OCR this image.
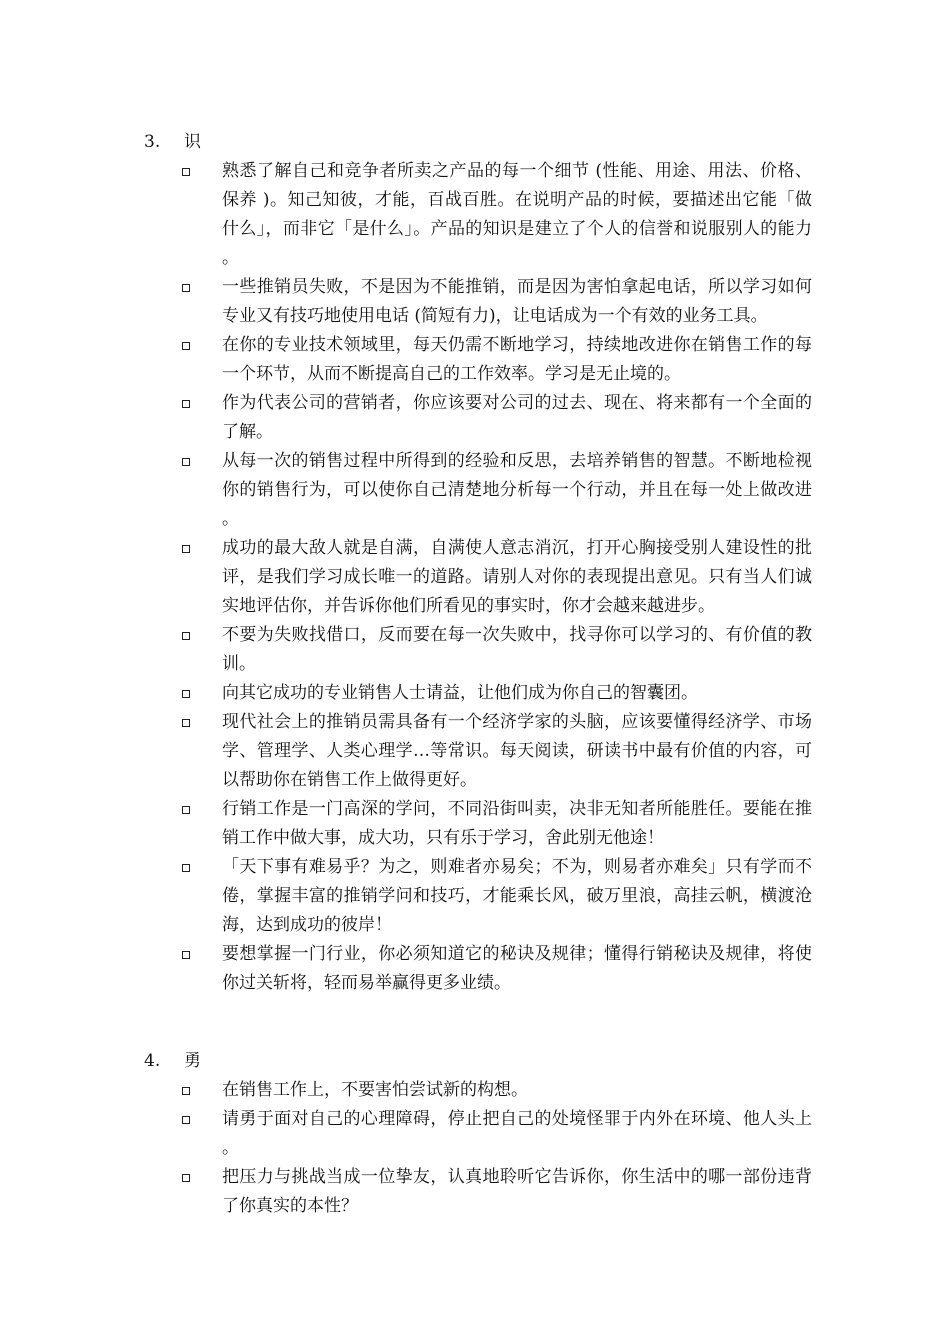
3. 识
熟悉了解自己和竞争者所卖之产品的每一个细节 (性能、用途、用法、价格、保养 )。知己知彼，才能，百战百胜。在说明产品的时候，要描述出它能「做什么」，而非它「是什么」。产品的知识是建立了个人的信誉和说服别人的能力。
一些推销员失败，不是因为不能推销，而是因为害怕拿起电话，所以学习如何专业又有技巧地使用电话 (简短有力)，让电话成为一个有效的业务工具。
在你的专业技术领域里，每天仍需不断地学习，持续地改进你在销售工作的每一个环节，从而不断提高自己的工作效率。学习是无止境的。
作为代表公司的营销者，你应该要对公司的过去、现在、将来都有一个全面的了解。
从每一次的销售过程中所得到的经验和反思，去培养销售的智慧。不断地检视你的销售行为，可以使你自己清楚地分析每一个行动，并且在每一处上做改进。
成功的最大敌人就是自满，自满使人意志消沉，打开心胸接受别人建设性的批评，是我们学习成长唯一的道路。请别人对你的表现提出意见。只有当人们诚实地评估你，并告诉你他们所看见的事实时，你才会越来越进步。
不要为失败找借口，反而要在每一次失败中，找寻你可以学习的、有价值的教训。
向其它成功的专业销售人士请益，让他们成为你自己的智囊团。
现代社会上的推销员需具备有一个经济学家的头脑，应该要懂得经济学、市场学、管理学、人类心理学…等常识。每天阅读，研读书中最有价值的内容，可以帮助你在销售工作上做得更好。
行销工作是一门高深的学问，不同沿街叫卖，决非无知者所能胜任。要能在推销工作中做大事，成大功，只有乐于学习，舍此别无他途！
「天下事有难易乎？为之，则难者亦易矣；不为，则易者亦难矣」只有学而不倦，掌握丰富的推销学问和技巧，才能乘长风，破万里浪，高挂云帆，横渡沧海，达到成功的彼岸！
要想掌握一门行业，你必须知道它的秘诀及规律；懂得行销秘诀及规律，将使你过关斩将，轻而易举赢得更多业绩。
4. 勇
在销售工作上，不要害怕尝试新的构想。
请勇于面对自己的心理障碍，停止把自己的处境怪罪于内外在环境、他人头上。
把压力与挑战当成一位挚友，认真地聆听它告诉你，你生活中的哪一部份违背了你真实的本性？
